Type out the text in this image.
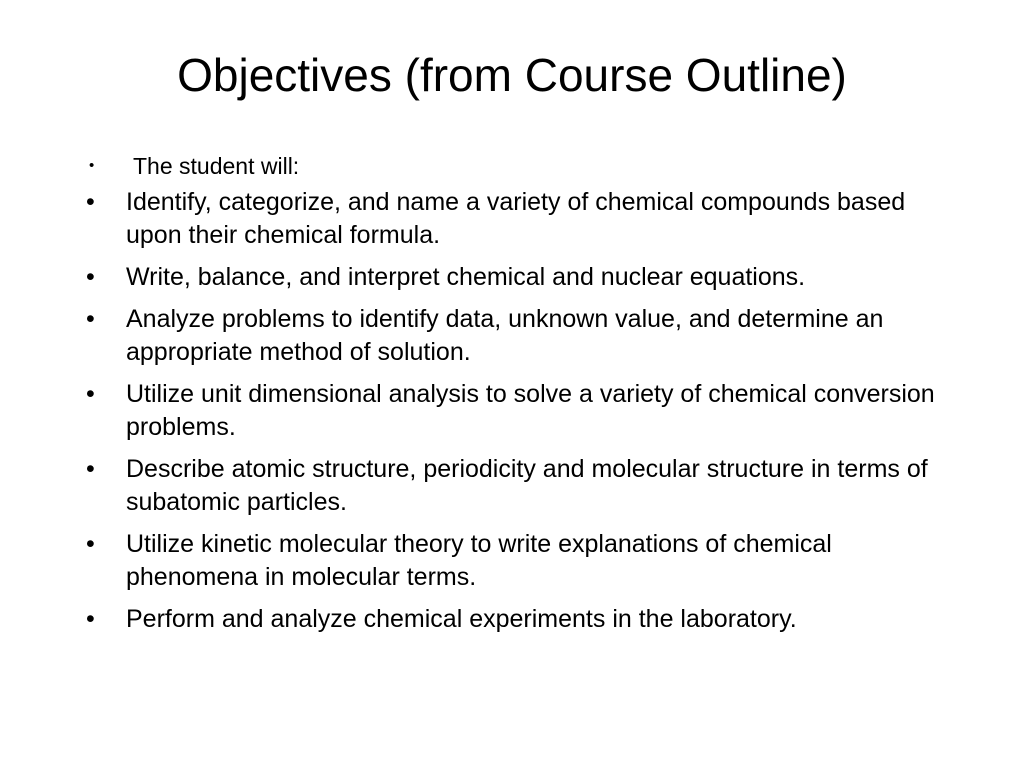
Objectives (from Course Outline)
•	The student will:
•	Identify, categorize, and name a variety of chemical compounds based upon their chemical formula.
•	Write, balance, and interpret chemical and nuclear equations.
•	Analyze problems to identify data, unknown value, and determine an appropriate method of solution.
•	Utilize unit dimensional analysis to solve a variety of chemical conversion problems.
•	Describe atomic structure, periodicity and molecular structure in terms of subatomic particles.
•	Utilize kinetic molecular theory to write explanations of chemical phenomena in molecular terms.
•	Perform and analyze chemical experiments in the laboratory.
